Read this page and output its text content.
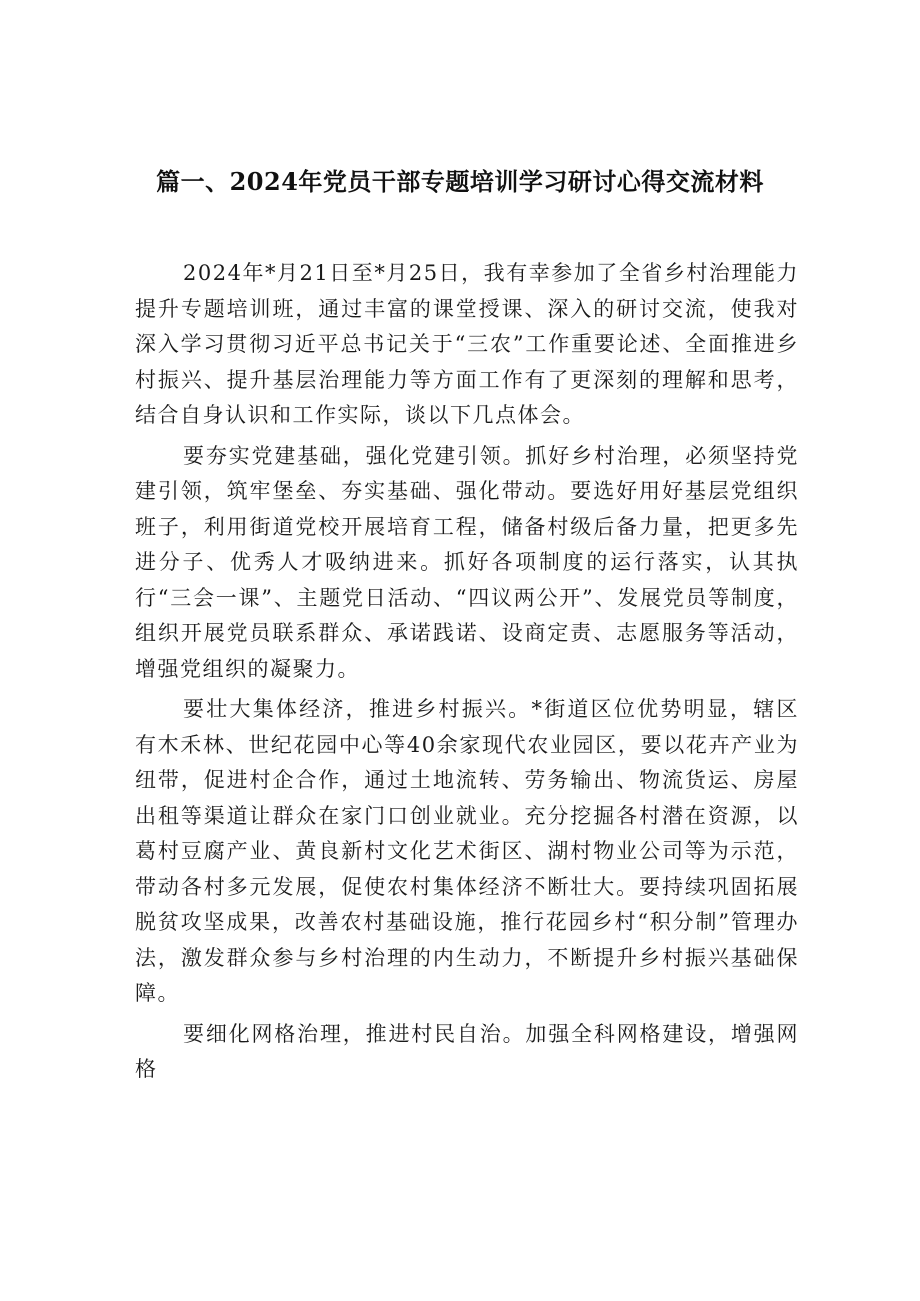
篇一、2024年党员干部专题培训学习研讨心得交流材料

2024年*月21日至*月25日，我有幸参加了全省乡村治理能力提升专题培训班，通过丰富的课堂授课、深入的研讨交流，使我对深入学习贯彻习近平总书记关于“三农”工作重要论述、全面推进乡村振兴、提升基层治理能力等方面工作有了更深刻的理解和思考，结合自身认识和工作实际，谈以下几点体会。

要夯实党建基础，强化党建引领。抓好乡村治理，必须坚持党建引领，筑牢堡垒、夯实基础、强化带动。要选好用好基层党组织班子，利用街道党校开展培育工程，储备村级后备力量，把更多先进分子、优秀人才吸纳进来。抓好各项制度的运行落实，认其执行“三会一课”、主题党日活动、“四议两公开”、发展党员等制度，组织开展党员联系群众、承诺践诺、设商定责、志愿服务等活动，增强党组织的凝聚力。

要壮大集体经济，推进乡村振兴。*街道区位优势明显，辖区有木禾林、世纪花园中心等40余家现代农业园区，要以花卉产业为纽带，促进村企合作，通过土地流转、劳务输出、物流货运、房屋出租等渠道让群众在家门口创业就业。充分挖掘各村潜在资源，以葛村豆腐产业、黄良新村文化艺术街区、湖村物业公司等为示范，带动各村多元发展，促使农村集体经济不断壮大。要持续巩固拓展脱贫攻坚成果，改善农村基础设施，推行花园乡村“积分制”管理办法，激发群众参与乡村治理的内生动力，不断提升乡村振兴基础保障。

要细化网格治理，推进村民自治。加强全科网格建设，增强网格
